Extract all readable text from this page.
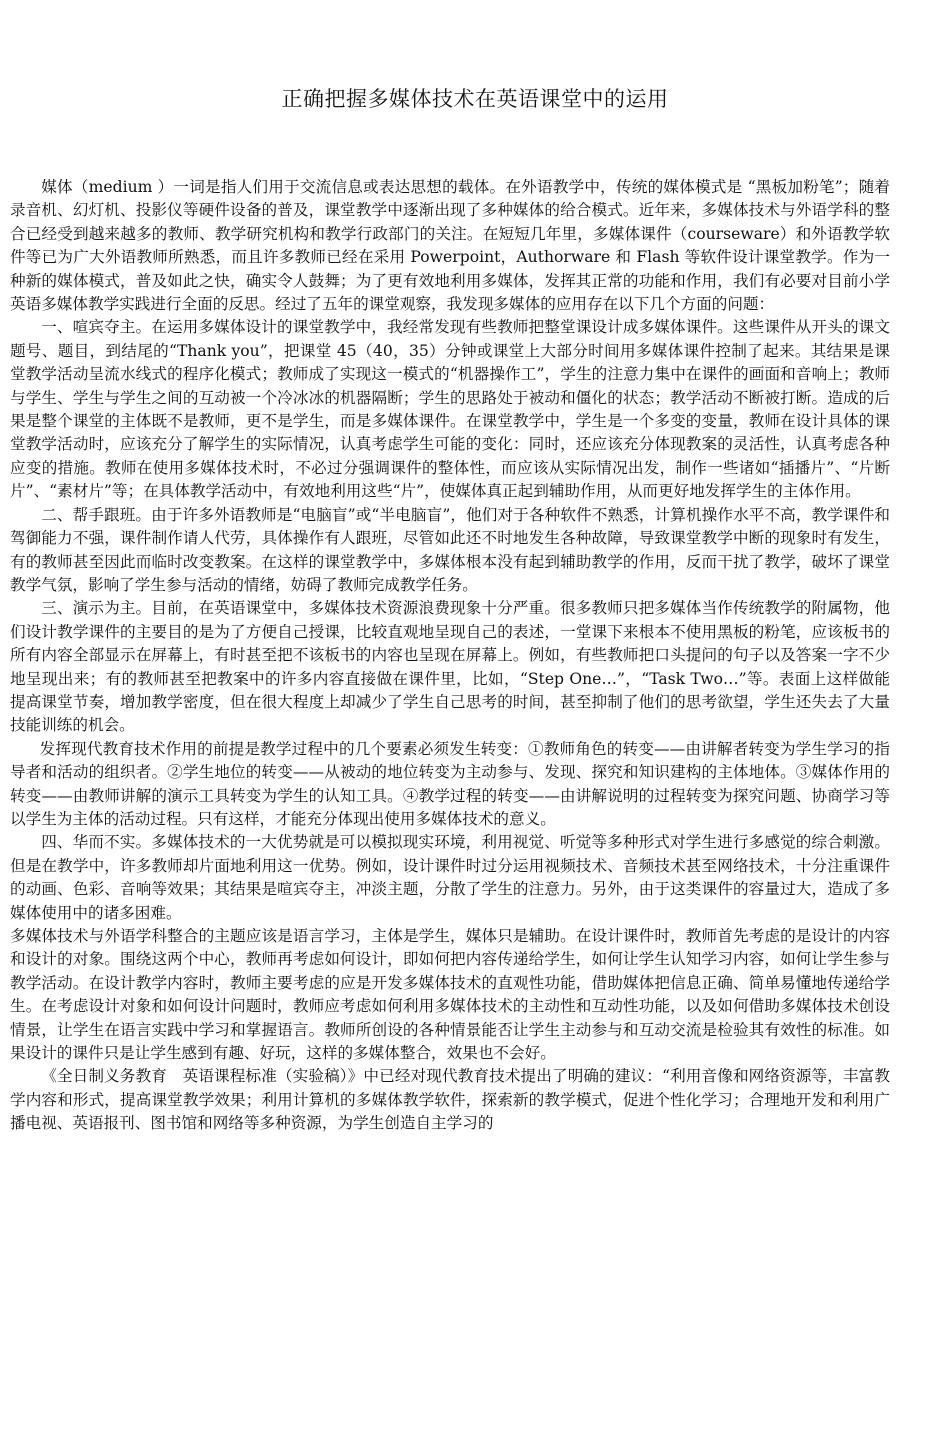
正确把握多媒体技术在英语课堂中的运用

媒体（medium ）一词是指人们用于交流信息或表达思想的载体。在外语教学中，传统的媒体模式是 “黑板加粉笔”；随着录音机、幻灯机、投影仪等硬件设备的普及，课堂教学中逐渐出现了多种媒体的给合模式。近年来，多媒体技术与外语学科的整合已经受到越来越多的教师、教学研究机构和教学行政部门的关注。在短短几年里，多媒体课件（courseware）和外语教学软件等已为广大外语教师所熟悉，而且许多教师已经在采用 Powerpoint，Authorware 和 Flash 等软件设计课堂教学。作为一种新的媒体模式，普及如此之快，确实令人鼓舞；为了更有效地利用多媒体，发挥其正常的功能和作用，我们有必要对目前小学英语多媒体教学实践进行全面的反思。经过了五年的课堂观察，我发现多媒体的应用存在以下几个方面的问题：

一、喧宾夺主。在运用多媒体设计的课堂教学中，我经常发现有些教师把整堂课设计成多媒体课件。这些课件从开头的课文题号、题目，到结尾的“Thank you”，把课堂 45（40，35）分钟或课堂上大部分时间用多媒体课件控制了起来。其结果是课堂教学活动呈流水线式的程序化模式；教师成了实现这一模式的“机器操作工”，学生的注意力集中在课件的画面和音响上；教师与学生、学生与学生之间的互动被一个冷冰冰的机器隔断；学生的思路处于被动和僵化的状态；教学活动不断被打断。造成的后果是整个课堂的主体既不是教师，更不是学生，而是多媒体课件。在课堂教学中，学生是一个多变的变量，教师在设计具体的课堂教学活动时，应该充分了解学生的实际情况，认真考虑学生可能的变化：同时，还应该充分体现教案的灵活性，认真考虑各种应变的措施。教师在使用多媒体技术时，不必过分强调课件的整体性，而应该从实际情况出发，制作一些诸如“插播片”、“片断片”、“素材片”等；在具体教学活动中，有效地利用这些“片”，使媒体真正起到辅助作用，从而更好地发挥学生的主体作用。

二、帮手跟班。由于许多外语教师是“电脑盲”或“半电脑盲”，他们对于各种软件不熟悉，计算机操作水平不高，教学课件和驾御能力不强，课件制作请人代劳，具体操作有人跟班，尽管如此还不时地发生各种故障，导致课堂教学中断的现象时有发生，有的教师甚至因此而临时改变教案。在这样的课堂教学中，多媒体根本没有起到辅助教学的作用，反而干扰了教学，破坏了课堂教学气氛，影响了学生参与活动的情绪，妨碍了教师完成教学任务。

三、演示为主。目前，在英语课堂中，多媒体技术资源浪费现象十分严重。很多教师只把多媒体当作传统教学的附属物，他们设计教学课件的主要目的是为了方便自己授课，比较直观地呈现自己的表述，一堂课下来根本不使用黑板的粉笔，应该板书的所有内容全部显示在屏幕上，有时甚至把不该板书的内容也呈现在屏幕上。例如，有些教师把口头提问的句子以及答案一字不少地呈现出来；有的教师甚至把教案中的许多内容直接做在课件里，比如，“Step One…”，“Task Two…”等。表面上这样做能提高课堂节奏，增加教学密度，但在很大程度上却减少了学生自己思考的时间，甚至抑制了他们的思考欲望，学生还失去了大量技能训练的机会。

发挥现代教育技术作用的前提是教学过程中的几个要素必须发生转变：①教师角色的转变——由讲解者转变为学生学习的指导者和活动的组织者。②学生地位的转变——从被动的地位转变为主动参与、发现、探究和知识建构的主体地体。③媒体作用的转变——由教师讲解的演示工具转变为学生的认知工具。④教学过程的转变——由讲解说明的过程转变为探究问题、协商学习等以学生为主体的活动过程。只有这样，才能充分体现出使用多媒体技术的意义。

四、华而不实。多媒体技术的一大优势就是可以模拟现实环境，利用视觉、听觉等多种形式对学生进行多感觉的综合刺激。但是在教学中，许多教师却片面地利用这一优势。例如，设计课件时过分运用视频技术、音频技术甚至网络技术，十分注重课件的动画、色彩、音响等效果；其结果是喧宾夺主，冲淡主题，分散了学生的注意力。另外，由于这类课件的容量过大，造成了多媒体使用中的诸多困难。

多媒体技术与外语学科整合的主题应该是语言学习，主体是学生，媒体只是辅助。在设计课件时，教师首先考虑的是设计的内容和设计的对象。围绕这两个中心，教师再考虑如何设计，即如何把内容传递给学生，如何让学生认知学习内容，如何让学生参与教学活动。在设计教学内容时，教师主要考虑的应是开发多媒体技术的直观性功能，借助媒体把信息正确、简单易懂地传递给学生。在考虑设计对象和如何设计问题时，教师应考虑如何利用多媒体技术的主动性和互动性功能，以及如何借助多媒体技术创设情景，让学生在语言实践中学习和掌握语言。教师所创设的各种情景能否让学生主动参与和互动交流是检验其有效性的标准。如果设计的课件只是让学生感到有趣、好玩，这样的多媒体整合，效果也不会好。

《全日制义务教育　英语课程标准（实验稿）》中已经对现代教育技术提出了明确的建议：“利用音像和网络资源等，丰富教学内容和形式，提高课堂教学效果；利用计算机的多媒体教学软件，探索新的教学模式，促进个性化学习；合理地开发和利用广播电视、英语报刊、图书馆和网络等多种资源，为学生创造自主学习的
